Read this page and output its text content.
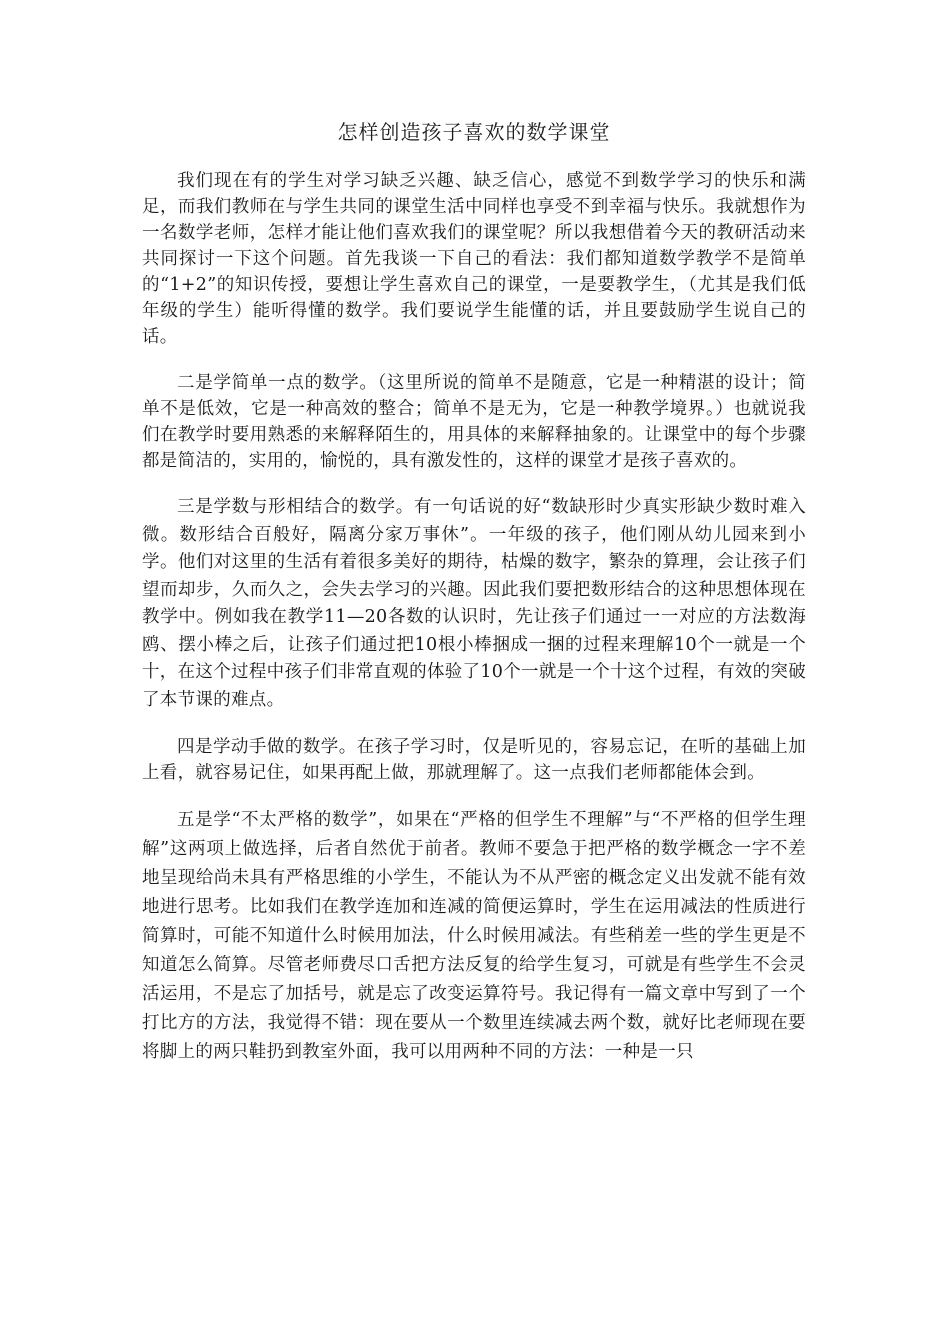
怎样创造孩子喜欢的数学课堂

我们现在有的学生对学习缺乏兴趣、缺乏信心，感觉不到数学学习的快乐和满足，而我们教师在与学生共同的课堂生活中同样也享受不到幸福与快乐。我就想作为一名数学老师，怎样才能让他们喜欢我们的课堂呢？所以我想借着今天的教研活动来共同探讨一下这个问题。首先我谈一下自己的看法：我们都知道数学教学不是简单的“1+2”的知识传授，要想让学生喜欢自己的课堂，一是要教学生，（尤其是我们低年级的学生）能听得懂的数学。我们要说学生能懂的话，并且要鼓励学生说自己的话。

二是学简单一点的数学。（这里所说的简单不是随意，它是一种精湛的设计；简单不是低效，它是一种高效的整合；简单不是无为，它是一种教学境界。）也就说我们在教学时要用熟悉的来解释陌生的，用具体的来解释抽象的。让课堂中的每个步骤都是简洁的，实用的，愉悦的，具有激发性的，这样的课堂才是孩子喜欢的。

三是学数与形相结合的数学。有一句话说的好“数缺形时少真实形缺少数时难入微。数形结合百般好，隔离分家万事休”。一年级的孩子，他们刚从幼儿园来到小学。他们对这里的生活有着很多美好的期待，枯燥的数字，繁杂的算理，会让孩子们望而却步，久而久之，会失去学习的兴趣。因此我们要把数形结合的这种思想体现在教学中。例如我在教学11—20各数的认识时，先让孩子们通过一一对应的方法数海鸥、摆小棒之后，让孩子们通过把10根小棒捆成一捆的过程来理解10个一就是一个十，在这个过程中孩子们非常直观的体验了10个一就是一个十这个过程，有效的突破了本节课的难点。

四是学动手做的数学。在孩子学习时，仅是听见的，容易忘记，在听的基础上加上看，就容易记住，如果再配上做，那就理解了。这一点我们老师都能体会到。

五是学“不太严格的数学”，如果在“严格的但学生不理解”与“不严格的但学生理解”这两项上做选择，后者自然优于前者。教师不要急于把严格的数学概念一字不差地呈现给尚未具有严格思维的小学生，不能认为不从严密的概念定义出发就不能有效地进行思考。比如我们在教学连加和连减的简便运算时，学生在运用减法的性质进行简算时，可能不知道什么时候用加法，什么时候用减法。有些稍差一些的学生更是不知道怎么简算。尽管老师费尽口舌把方法反复的给学生复习，可就是有些学生不会灵活运用，不是忘了加括号，就是忘了改变运算符号。我记得有一篇文章中写到了一个打比方的方法，我觉得不错：现在要从一个数里连续减去两个数，就好比老师现在要将脚上的两只鞋扔到教室外面，我可以用两种不同的方法：一种是一只
